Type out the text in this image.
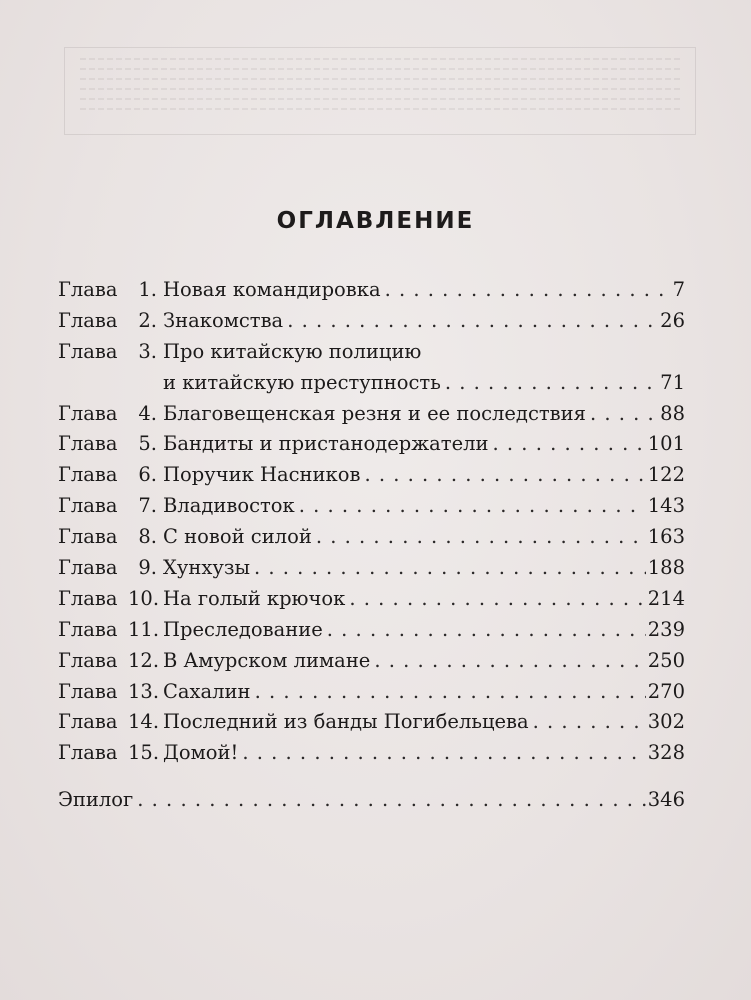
ОГЛАВЛЕНИЕ
Глава	1. Новая командировка . . .	7
Глава	2. Знакомства . . .	26
Глава	3. Про китайскую полицию
и китайскую преступность . . .	71
Глава	4. Благовещенская резня и ее последствия . . .	88
Глава	5. Бандиты и пристанодержатели . . .	101
Глава	6. Поручик Насников . . .	122
Глава	7. Владивосток . . .	143
Глава	8. С новой силой . . .	163
Глава	9. Хунхузы . . .	188
Глава 10. На голый крючок . . .	214
Глава 11. Преследование . . .	239
Глава 12. В Амурском лимане . . .	250
Глава 13. Сахалин . . .	270
Глава 14. Последний из банды Погибельцева . . .	302
Глава 15. Домой! . . .	328
Эпилог . . .	346
